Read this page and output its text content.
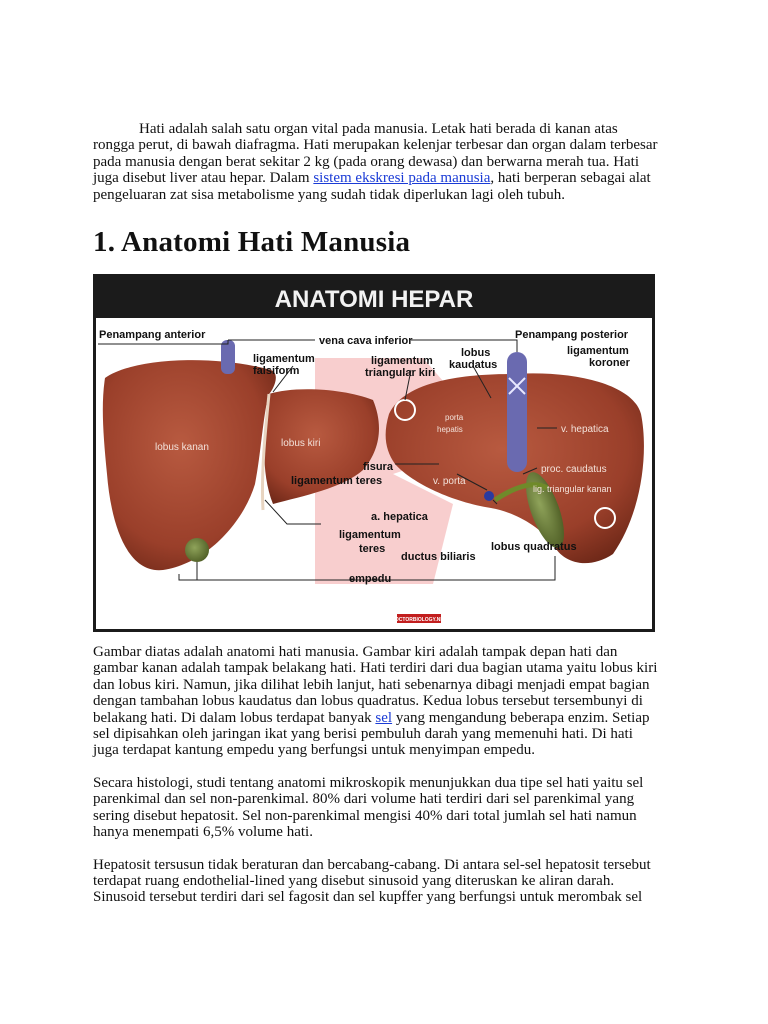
Hati adalah salah satu organ vital pada manusia. Letak hati berada di kanan atas rongga perut, di bawah diafragma. Hati merupakan kelenjar terbesar dan organ dalam terbesar pada manusia dengan berat sekitar 2 kg (pada orang dewasa) dan berwarna merah tua. Hati juga disebut liver atau hepar. Dalam sistem ekskresi pada manusia, hati berperan sebagai alat pengeluaran zat sisa metabolisme yang sudah tidak diperlukan lagi oleh tubuh.

1. Anatomi Hati Manusia
ANATOMI HEPAR
Penampang anterior	Penampang posterior
vena cava inferior
ligamentum
falsiform
ligamentum
triangular kiri
lobus
kaudatus
ligamentum
koroner
lobus kanan	lobus kiri
porta
hepatis	v. hepatica
fisura
ligamentum teres	v. porta
proc. caudatus
lig. triangular kanan
a. hepatica
ligamentum
teres
ductus biliaris
lobus quadratus
empedu
DOCTORBIOLOGY.NET

Gambar diatas adalah anatomi hati manusia. Gambar kiri adalah tampak depan hati dan gambar kanan adalah tampak belakang hati. Hati terdiri dari dua bagian utama yaitu lobus kiri dan lobus kiri. Namun, jika dilihat lebih lanjut, hati sebenarnya dibagi menjadi empat bagian dengan tambahan lobus kaudatus dan lobus quadratus. Kedua lobus tersebut tersembunyi di belakang hati. Di dalam lobus terdapat banyak sel yang mengandung beberapa enzim. Setiap sel dipisahkan oleh jaringan ikat yang berisi pembuluh darah yang memenuhi hati. Di hati juga terdapat kantung empedu yang berfungsi untuk menyimpan empedu.

Secara histologi, studi tentang anatomi mikroskopik menunjukkan dua tipe sel hati yaitu sel parenkimal dan sel non-parenkimal. 80% dari volume hati terdiri dari sel parenkimal yang sering disebut hepatosit. Sel non-parenkimal mengisi 40% dari total jumlah sel hati namun hanya menempati 6,5% volume hati.

Hepatosit tersusun tidak beraturan dan bercabang-cabang. Di antara sel-sel hepatosit tersebut terdapat ruang endothelial-lined yang disebut sinusoid yang diteruskan ke aliran darah. Sinusoid tersebut terdiri dari sel fagosit dan sel kupffer yang berfungsi untuk merombak sel
